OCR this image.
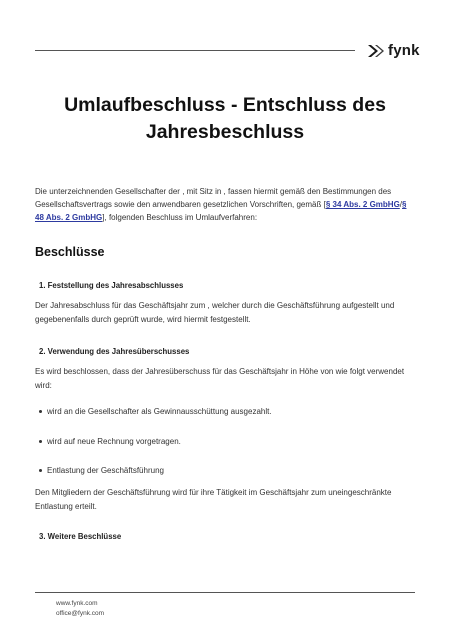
fynk
Umlaufbeschluss - Entschluss des Jahresbeschluss

Die unterzeichnenden Gesellschafter der , mit Sitz in , fassen hiermit gemäß den Bestimmungen des Gesellschaftsvertrags sowie den anwendbaren gesetzlichen Vorschriften, gemäß [§ 34 Abs. 2 GmbHG/§ 48 Abs. 2 GmbHG], folgenden Beschluss im Umlaufverfahren:

Beschlüsse
1. Feststellung des Jahresabschlusses

Der Jahresabschluss für das Geschäftsjahr zum , welcher durch die Geschäftsführung aufgestellt und gegebenenfalls durch geprüft wurde, wird hiermit festgestellt.

2. Verwendung des Jahresüberschusses

Es wird beschlossen, dass der Jahresüberschuss für das Geschäftsjahr in Höhe von wie folgt verwendet wird:

wird an die Gesellschafter als Gewinnausschüttung ausgezahlt.
wird auf neue Rechnung vorgetragen.
Entlastung der Geschäftsführung

Den Mitgliedern der Geschäftsführung wird für ihre Tätigkeit im Geschäftsjahr zum uneingeschränkte Entlastung erteilt.

3. Weitere Beschlüsse
www.fynk.com
office@fynk.com
